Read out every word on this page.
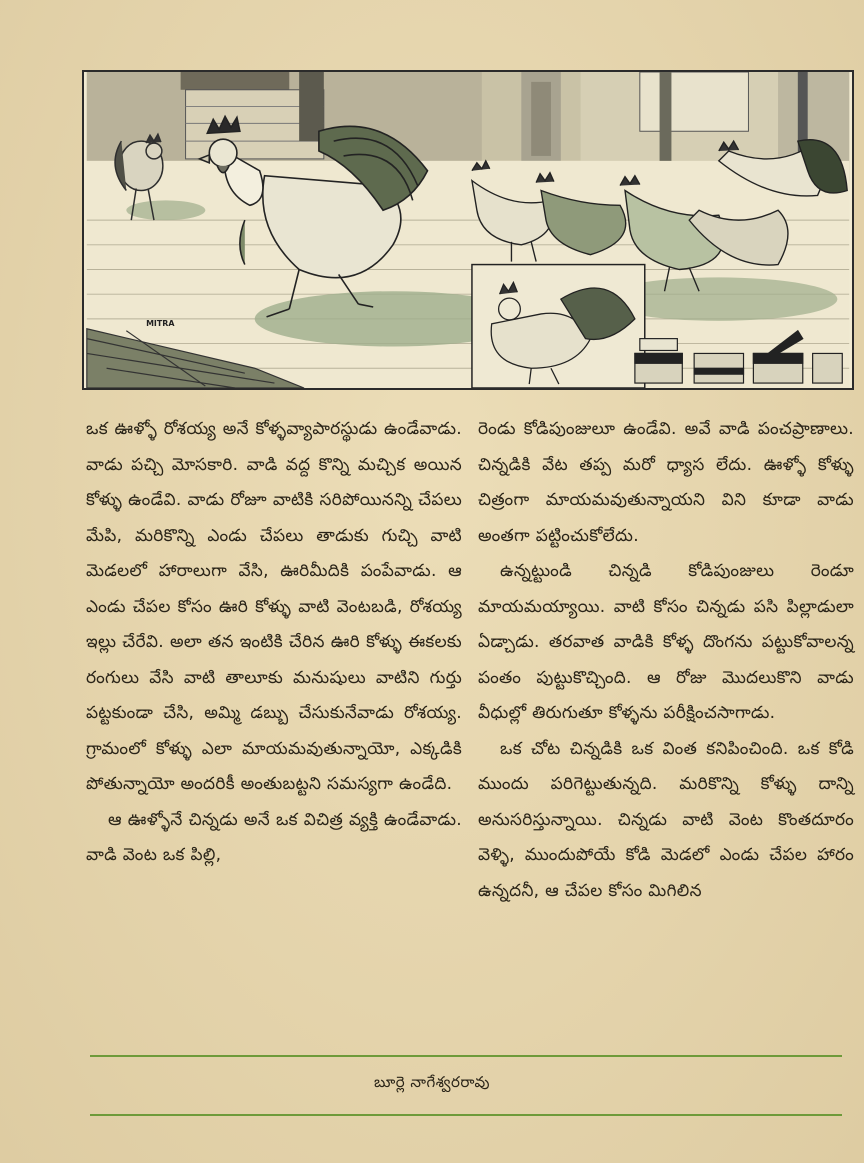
MITRA

ఒక ఊళ్ళో రోశయ్య అనే కోళ్ళవ్యాపారస్థుడు ఉండేవాడు. వాడు పచ్చి మోసకారి. వాడి వద్ద కొన్ని మచ్చిక అయిన కోళ్ళు ఉండేవి. వాడు రోజూ వాటికి సరిపోయినన్ని చేపలు మేపి, మరికొన్ని ఎండు చేపలు తాడుకు గుచ్చి వాటి మెడలలో హారాలుగా వేసి, ఊరిమీదికి పంపేవాడు. ఆ ఎండు చేపల కోసం ఊరి కోళ్ళు వాటి వెంటబడి, రోశయ్య ఇల్లు చేరేవి. అలా తన ఇంటికి చేరిన ఊరి కోళ్ళు ఈకలకు రంగులు వేసి వాటి తాలూకు మనుషులు వాటిని గుర్తు పట్టకుండా చేసి, అమ్మి డబ్బు చేసుకునేవాడు రోశయ్య. గ్రామంలో కోళ్ళు ఎలా మాయమవుతున్నాయో, ఎక్కడికి పోతున్నాయో అందరికీ అంతుబట్టని సమస్యగా ఉండేది.

ఆ ఊళ్ళోనే చిన్నడు అనే ఒక విచిత్ర వ్యక్తి ఉండేవాడు. వాడి వెంట ఒక పిల్లి,

రెండు కోడిపుంజులూ ఉండేవి. అవే వాడి పంచప్రాణాలు. చిన్నడికి వేట తప్ప మరో ధ్యాస లేదు. ఊళ్ళో కోళ్ళు చిత్రంగా మాయమవుతున్నాయని విని కూడా వాడు అంతగా పట్టించుకోలేదు.

ఉన్నట్టుండి చిన్నడి కోడిపుంజులు రెండూ మాయమయ్యాయి. వాటి కోసం చిన్నడు పసి పిల్లాడులా ఏడ్చాడు. తరవాత వాడికి కోళ్ళ దొంగను పట్టుకోవాలన్న పంతం పుట్టుకొచ్చింది. ఆ రోజు మొదలుకొని వాడు వీధుల్లో తిరుగుతూ కోళ్ళను పరీక్షించసాగాడు.

ఒక చోట చిన్నడికి ఒక వింత కనిపించింది. ఒక కోడి ముందు పరిగెట్టుతున్నది. మరికొన్ని కోళ్ళు దాన్ని అనుసరిస్తున్నాయి. చిన్నడు వాటి వెంట కొంతదూరం వెళ్ళి, ముందుపోయే కోడి మెడలో ఎండు చేపల హారం ఉన్నదనీ, ఆ చేపల కోసం మిగిలిన

బూర్లె నాగేశ్వరరావు
